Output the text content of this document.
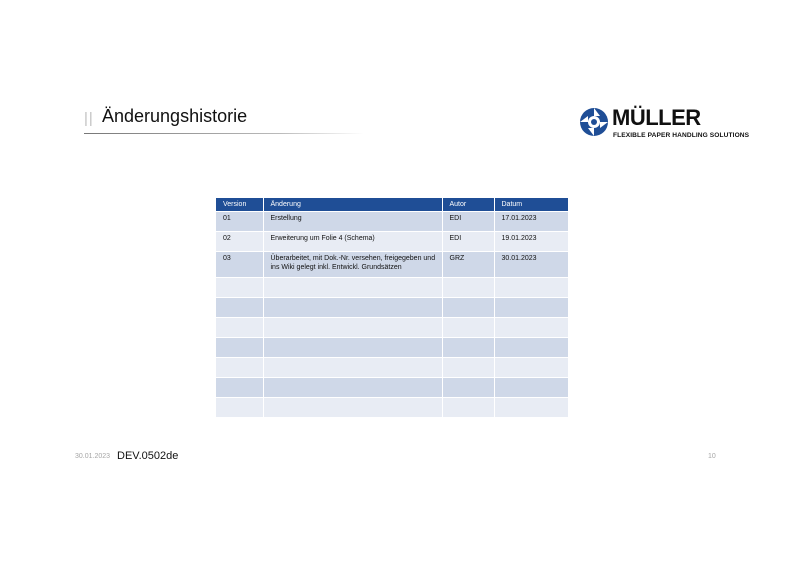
|| Änderungshistorie	MÜLLER
FLEXIBLE PAPER HANDLING SOLUTIONS
Version	Änderung	Autor	Datum
01	Erstellung	EDI	17.01.2023
02	Erweiterung um Folie 4 (Schema)	EDI	19.01.2023
03	Überarbeitet, mit Dok.-Nr. versehen, freigegeben und ins Wiki gelegt inkl. Entwickl. Grundsätzen	GRZ	30.01.2023

30.01.2023 DEV.0502de	10
